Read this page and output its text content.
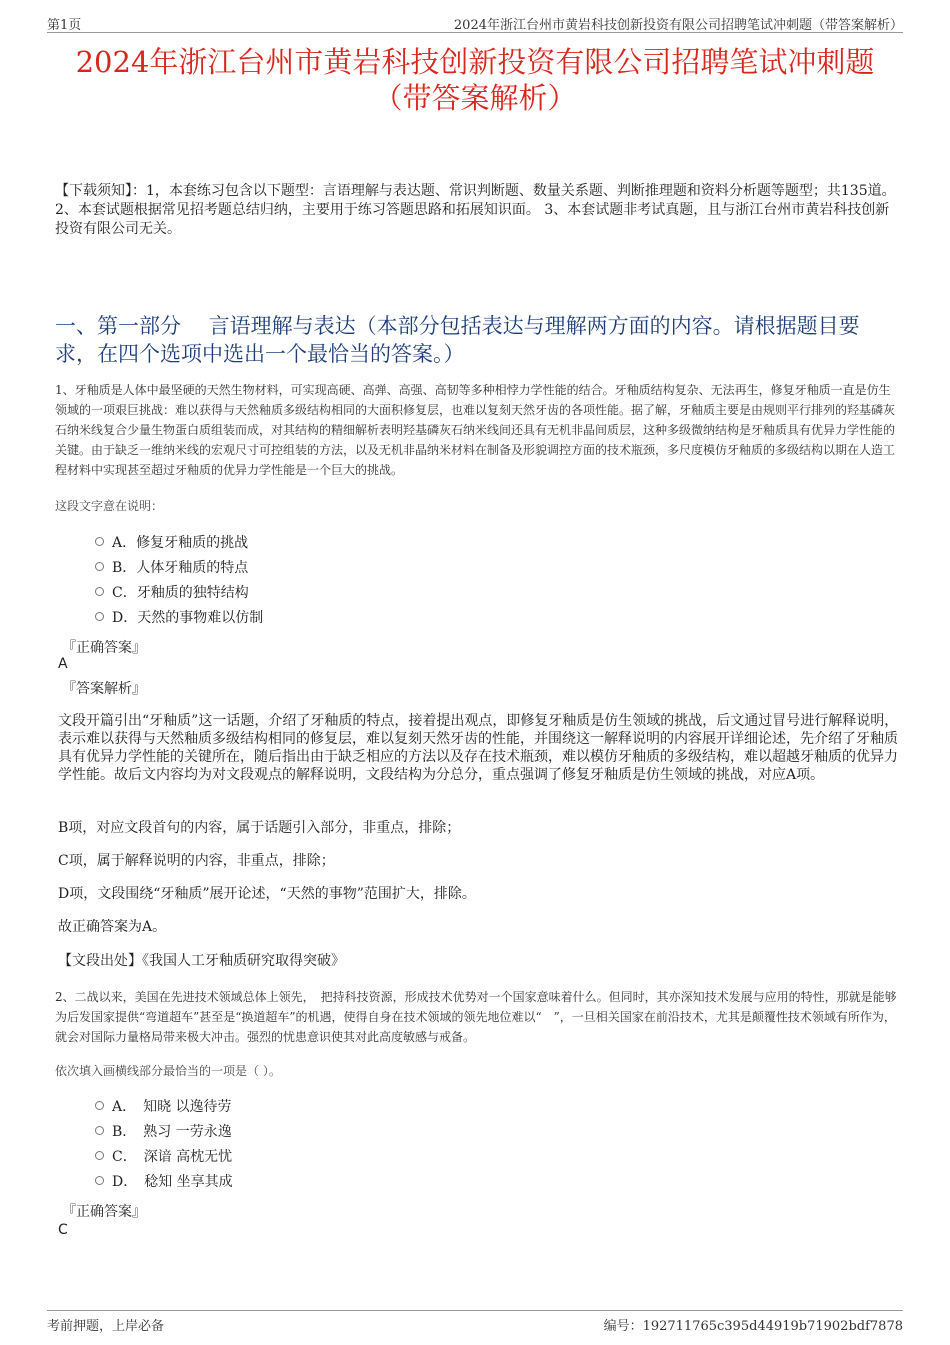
第1页	2024年浙江台州市黄岩科技创新投资有限公司招聘笔试冲刺题（带答案解析）
2024年浙江台州市黄岩科技创新投资有限公司招聘笔试冲刺题
（带答案解析）
【下载须知】：1，本套练习包含以下题型：言语理解与表达题、常识判断题、数量关系题、判断推理题和资料分析题等题型；共135道。 2、本套试题根据常见招考题总结归纳，主要用于练习答题思路和拓展知识面。 3、本套试题非考试真题，且与浙江台州市黄岩科技创新投资有限公司无关。
一、第一部分　 言语理解与表达（本部分包括表达与理解两方面的内容。请根据题目要求，在四个选项中选出一个最恰当的答案。）
1、牙釉质是人体中最坚硬的天然生物材料，可实现高硬、高弹、高强、高韧等多种相悖力学性能的结合。牙釉质结构复杂、无法再生，修复牙釉质一直是仿生领域的一项艰巨挑战：难以获得与天然釉质多级结构相同的大面积修复层，也难以复刻天然牙齿的各项性能。据了解，牙釉质主要是由规则平行排列的羟基磷灰石纳米线复合少量生物蛋白质组装而成，对其结构的精细解析表明羟基磷灰石纳米线间还具有无机非晶间质层，这种多级微纳结构是牙釉质具有优异力学性能的关键。由于缺乏一维纳米线的宏观尺寸可控组装的方法，以及无机非晶纳米材料在制备及形貌调控方面的技术瓶颈，多尺度模仿牙釉质的多级结构以期在人造工程材料中实现甚至超过牙釉质的优异力学性能是一个巨大的挑战。
这段文字意在说明：
A．修复牙釉质的挑战
B．人体牙釉质的特点
C．牙釉质的独特结构
D．天然的事物难以仿制
『正确答案』
A
『答案解析』
文段开篇引出“牙釉质”这一话题，介绍了牙釉质的特点，接着提出观点，即修复牙釉质是仿生领域的挑战，后文通过冒号进行解释说明，表示难以获得与天然釉质多级结构相同的修复层，难以复刻天然牙齿的性能，并围绕这一解释说明的内容展开详细论述，先介绍了牙釉质具有优异力学性能的关键所在，随后指出由于缺乏相应的方法以及存在技术瓶颈，难以模仿牙釉质的多级结构，难以超越牙釉质的优异力学性能。故后文内容均为对文段观点的解释说明，文段结构为分总分，重点强调了修复牙釉质是仿生领域的挑战，对应A项。
B项，对应文段首句的内容，属于话题引入部分，非重点，排除；
C项，属于解释说明的内容，非重点，排除；
D项，文段围绕“牙釉质”展开论述，“天然的事物”范围扩大，排除。
故正确答案为A。
【文段出处】《我国人工牙釉质研究取得突破》
2、二战以来，美国在先进技术领域总体上领先，　把持科技资源，形成技术优势对一个国家意味着什么。但同时，其亦深知技术发展与应用的特性，那就是能够为后发国家提供“弯道超车”甚至是“换道超车”的机遇，使得自身在技术领域的领先地位难以“　”，一旦相关国家在前沿技术，尤其是颠覆性技术领域有所作为，就会对国际力量格局带来极大冲击。强烈的忧患意识使其对此高度敏感与戒备。
依次填入画横线部分最恰当的一项是（ ）。
A．　知晓 以逸待劳
B．　熟习 一劳永逸
C．　深谙 高枕无忧
D．　稔知 坐享其成
『正确答案』
C
考前押题，上岸必备	编号：192711765c395d44919b71902bdf7878
